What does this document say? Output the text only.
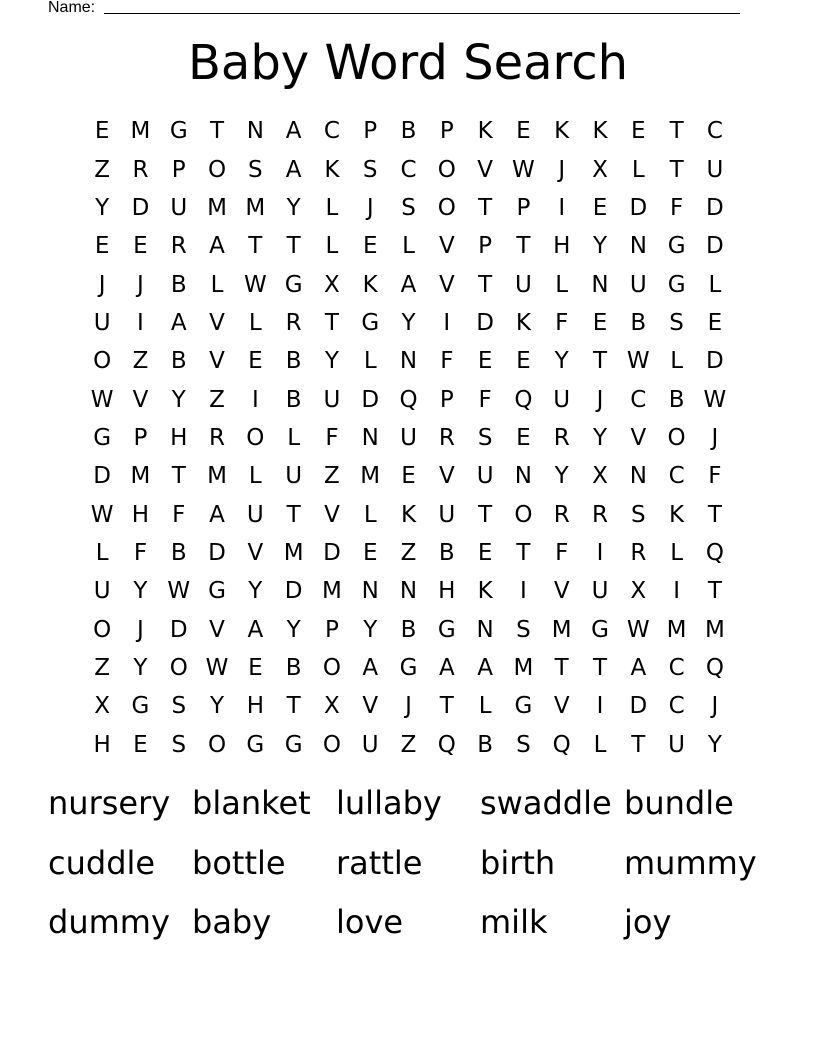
Name:
Baby Word Search
E M G T N A C	P	B	P	K	E	K	K	E	T	C
Z R	P O S	A K	S C O V W	J	X	L	T U
Y D U M M Y	L	J	S O T	P	I	E D F D
E	E	R A	T	T	L	E	L	V	P	T H Y N G D
J	J	B	L W G X K A V	T U	L	N U G L
U	I	A V	L	R	T G Y	I	D K	F	E	B	S	E
O Z B V	E	B	Y	L	N	F	E	E	Y	T W L	D
W V	Y	Z	I	B U D Q P	F Q U	J	C B W
G P H R O L	F	N U R	S	E	R	Y	V O	J
D M T M L	U Z M E	V U N Y	X N C	F
W H	F	A U T	V	L	K U T O R R	S	K	T
L	F	B D V M D E	Z B	E	T	F	I	R	L Q
U Y W G Y D M N N H K	I	V U X	I	T
O	J	D V A	Y	P	Y	B G N S M G W M M
Z	Y O W E	B O A G A A M T	T	A C Q
X G S	Y H T	X V	J	T	L G V	I	D C	J
H E	S O G G O U Z Q B	S Q L	T U Y
nursery blanket lullaby	swaddle bundle
cuddle	bottle	rattle	birth	mummy
dummy baby	love	milk	joy
